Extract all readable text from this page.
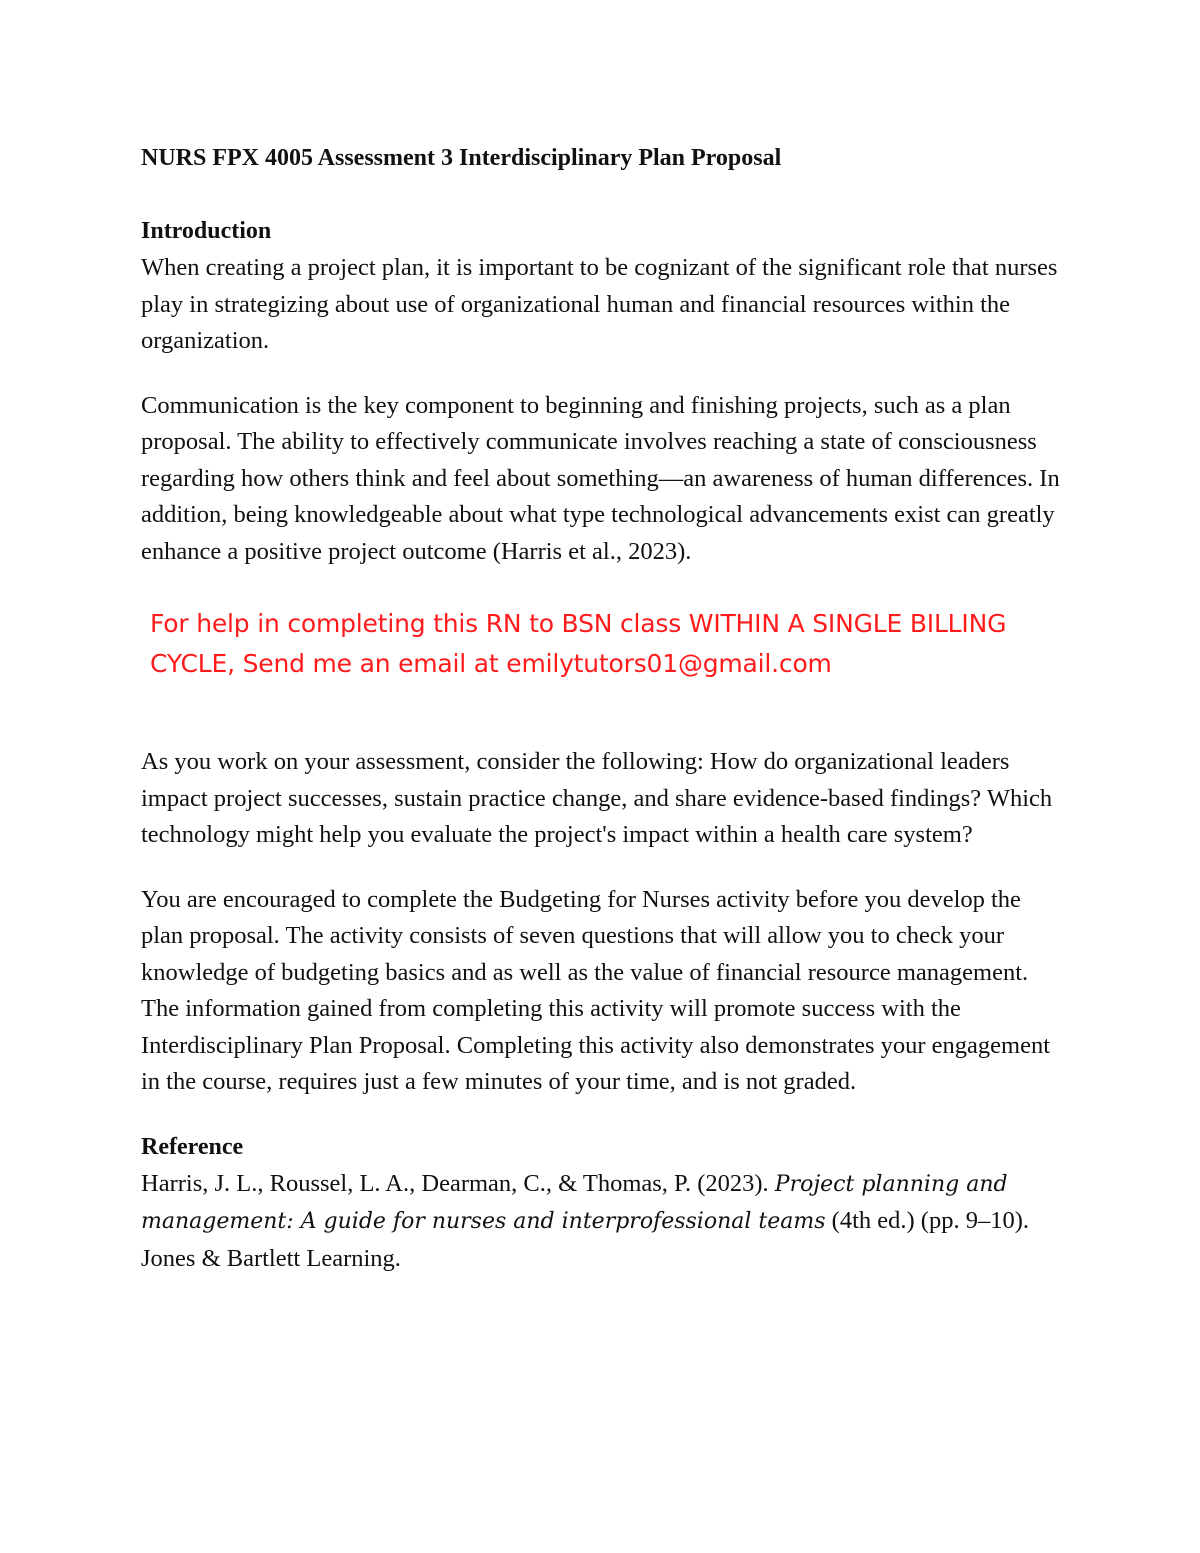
NURS FPX 4005 Assessment 3 Interdisciplinary Plan Proposal
Introduction

When creating a project plan, it is important to be cognizant of the significant role that nurses play in strategizing about use of organizational human and financial resources within the organization.

Communication is the key component to beginning and finishing projects, such as a plan proposal. The ability to effectively communicate involves reaching a state of consciousness regarding how others think and feel about something—an awareness of human differences. In addition, being knowledgeable about what type technological advancements exist can greatly enhance a positive project outcome (Harris et al., 2023).

For help in completing this RN to BSN class WITHIN A SINGLE BILLING CYCLE, Send me an email at emilytutors01@gmail.com

As you work on your assessment, consider the following: How do organizational leaders impact project successes, sustain practice change, and share evidence-based findings? Which technology might help you evaluate the project's impact within a health care system?

You are encouraged to complete the Budgeting for Nurses activity before you develop the plan proposal. The activity consists of seven questions that will allow you to check your knowledge of budgeting basics and as well as the value of financial resource management. The information gained from completing this activity will promote success with the Interdisciplinary Plan Proposal. Completing this activity also demonstrates your engagement in the course, requires just a few minutes of your time, and is not graded.

Reference

Harris, J. L., Roussel, L. A., Dearman, C., & Thomas, P. (2023). Project planning and management: A guide for nurses and interprofessional teams (4th ed.) (pp. 9–10). Jones & Bartlett Learning.
